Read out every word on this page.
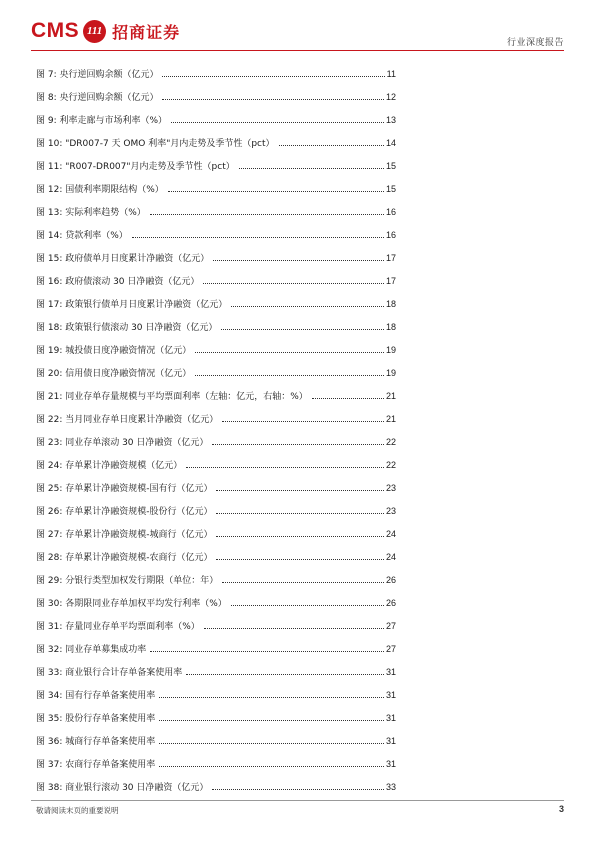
CMS 111 招商证券
行业深度报告
图 7: 央行逆回购余额（亿元）	11
图 8: 央行逆回购余额（亿元）	12
图 9: 利率走廊与市场利率（%）	13
图 10: "DR007-7 天 OMO 利率"月内走势及季节性（pct）	14
图 11: "R007-DR007"月内走势及季节性（pct）	15
图 12: 国债利率期限结构（%）	15
图 13: 实际利率趋势（%）	16
图 14: 贷款利率（%）	16
图 15: 政府债单月日度累计净融资（亿元）	17
图 16: 政府债滚动 30 日净融资（亿元）	17
图 17: 政策银行债单月日度累计净融资（亿元）	18
图 18: 政策银行债滚动 30 日净融资（亿元）	18
图 19: 城投债日度净融资情况（亿元）	19
图 20: 信用债日度净融资情况（亿元）	19
图 21: 同业存单存量规模与平均票面利率（左轴：亿元，右轴：%）	21
图 22: 当月同业存单日度累计净融资（亿元）	21
图 23: 同业存单滚动 30 日净融资（亿元）	22
图 24: 存单累计净融资规模（亿元）	22
图 25: 存单累计净融资规模-国有行（亿元）	23
图 26: 存单累计净融资规模-股份行（亿元）	23
图 27: 存单累计净融资规模-城商行（亿元）	24
图 28: 存单累计净融资规模-农商行（亿元）	24
图 29: 分银行类型加权发行期限（单位：年）	26
图 30: 各期限同业存单加权平均发行利率（%）	26
图 31: 存量同业存单平均票面利率（%）	27
图 32: 同业存单募集成功率	27
图 33: 商业银行合计存单备案使用率	31
图 34: 国有行存单备案使用率	31
图 35: 股份行存单备案使用率	31
图 36: 城商行存单备案使用率	31
图 37: 农商行存单备案使用率	31
图 38: 商业银行滚动 30 日净融资（亿元）	33
敬请阅读末页的重要说明	3
